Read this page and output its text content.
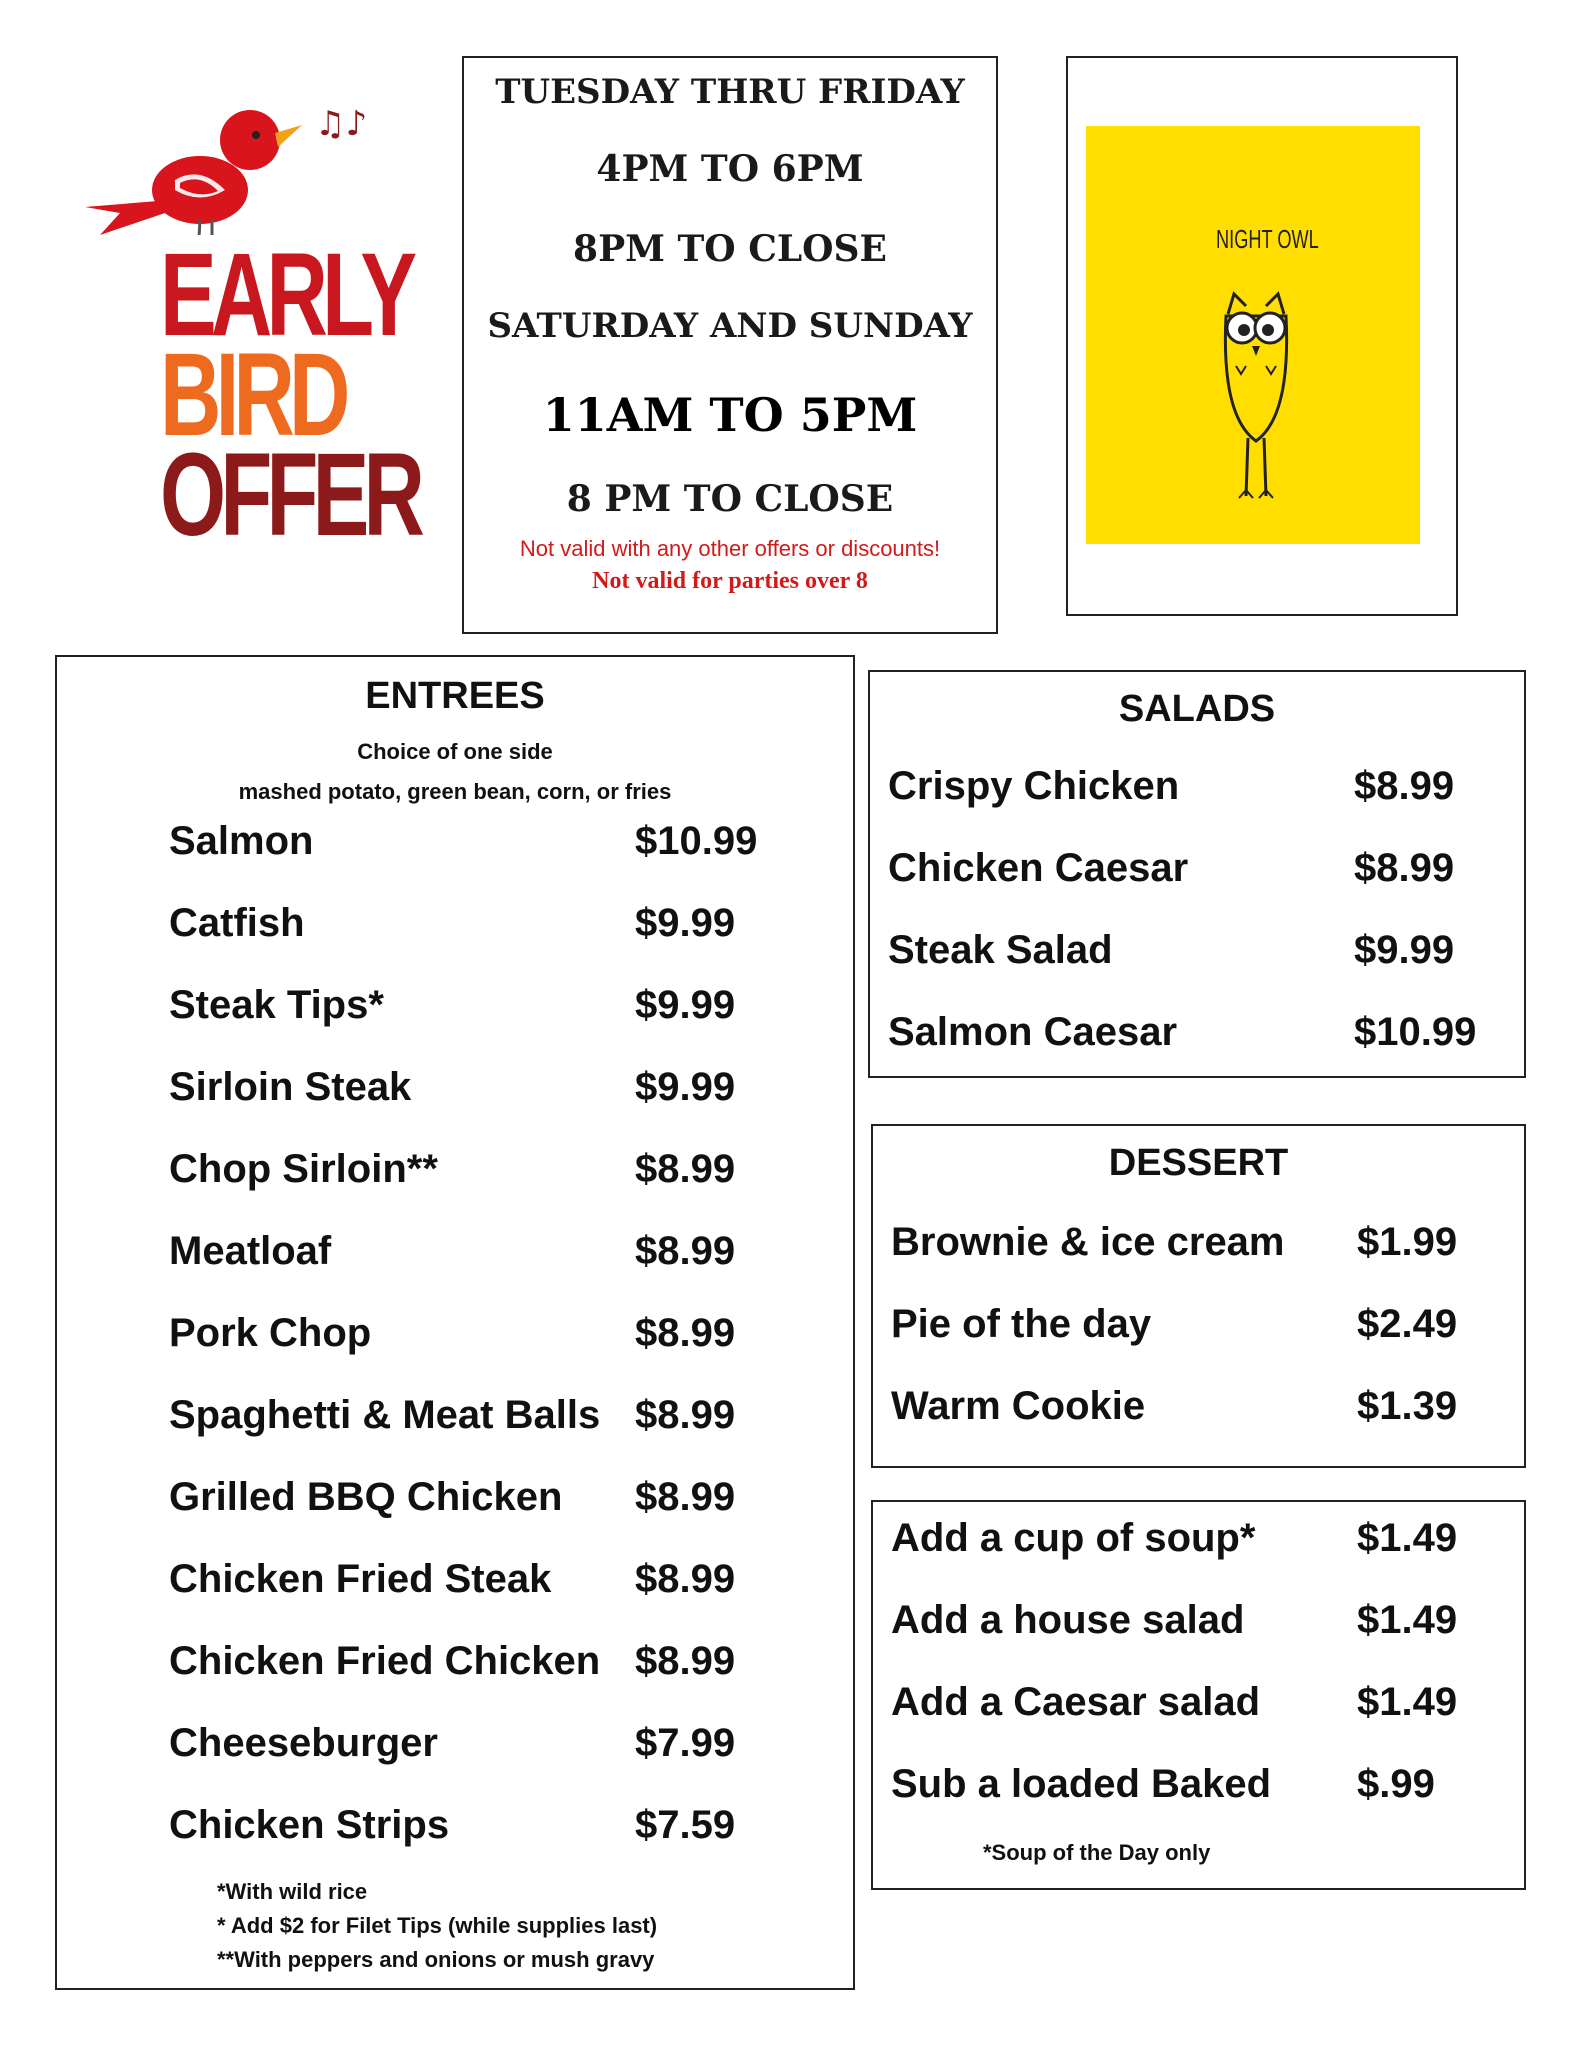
♫♪
EARLY
BIRD
OFFER
TUESDAY THRU FRIDAY
4PM TO 6PM
8PM TO CLOSE
SATURDAY AND SUNDAY
11AM TO 5PM
8 PM TO CLOSE
Not valid with any other offers or discounts!
Not valid for parties over 8
NIGHT OWL
ENTREES
Choice of one side
mashed potato, green bean, corn, or fries
Salmon	$10.99
Catfish	$9.99
Steak Tips*	$9.99
Sirloin Steak	$9.99
Chop Sirloin**	$8.99
Meatloaf	$8.99
Pork Chop	$8.99
Spaghetti & Meat Balls $8.99
Grilled BBQ Chicken $8.99
Chicken Fried Steak $8.99
Chicken Fried Chicken $8.99
Cheeseburger	$7.99
Chicken Strips	$7.59
*With wild rice
* Add $2 for Filet Tips (while supplies last)
**With peppers and onions or mush gravy
SALADS
Crispy Chicken	$8.99
Chicken Caesar	$8.99
Steak Salad	$9.99
Salmon Caesar	$10.99
DESSERT
Brownie & ice cream $1.99
Pie of the day	$2.49
Warm Cookie	$1.39
Add a cup of soup*	$1.49
Add a house salad	$1.49
Add a Caesar salad $1.49
Sub a loaded Baked $.99
*Soup of the Day only
